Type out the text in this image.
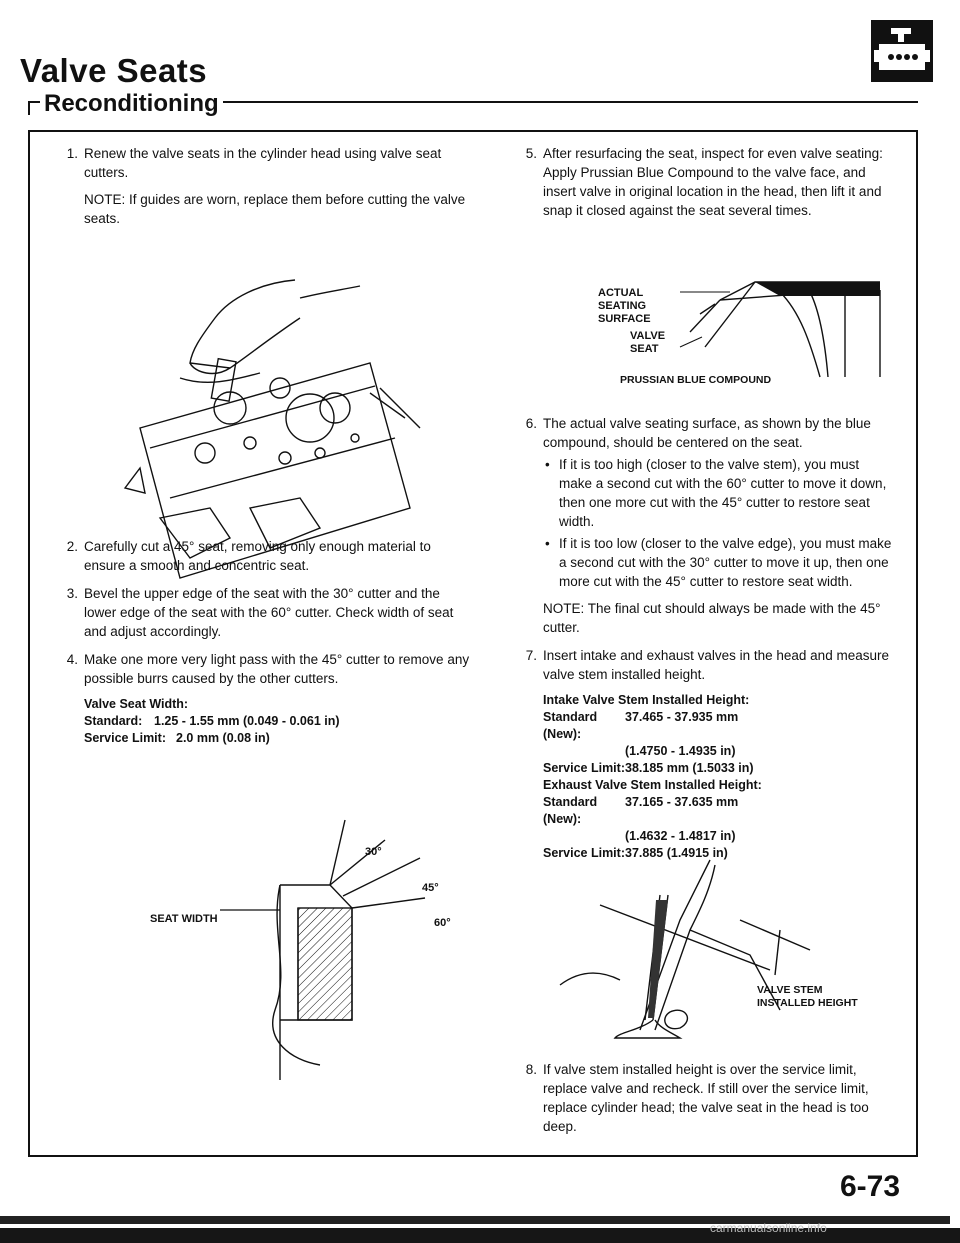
Valve Seats
Reconditioning
1. Renew the valve seats in the cylinder head using valve seat cutters.
NOTE: If guides are worn, replace them before cutting the valve seats.
2. Carefully cut a 45° seat, removing only enough material to ensure a smooth and concentric seat.
3. Bevel the upper edge of the seat with the 30° cutter and the lower edge of the seat with the 60° cutter. Check width of seat and adjust accordingly.
4. Make one more very light pass with the 45° cutter to remove any possible burrs caused by the other cutters.
Valve Seat Width:
Standard: 1.25 - 1.55 mm (0.049 - 0.061 in)
Service Limit: 2.0 mm (0.08 in)
30°
45°
60°
SEAT WIDTH
5. After resurfacing the seat, inspect for even valve seating: Apply Prussian Blue Compound to the valve face, and insert valve in original location in the head, then lift it and snap it closed against the seat several times.
6. The actual valve seating surface, as shown by the blue compound, should be centered on the seat.
• If it is too high (closer to the valve stem), you must make a second cut with the 60° cutter to move it down, then one more cut with the 45° cutter to restore seat width.
• If it is too low (closer to the valve edge), you must make a second cut with the 30° cutter to move it up, then one more cut with the 45° cutter to restore seat width.
NOTE: The final cut should always be made with the 45° cutter.
7. Insert intake and exhaust valves in the head and measure valve stem installed height.
Intake Valve Stem Installed Height:
Standard (New):
37.465 - 37.935 mm
(1.4750 - 1.4935 in)
Service Limit: 38.185 mm (1.5033 in)
Exhaust Valve Stem Installed Height:
Standard (New):
37.165 - 37.635 mm
(1.4632 - 1.4817 in)
Service Limit: 37.885 (1.4915 in)
ACTUAL SEATING SURFACE
VALVE SEAT
PRUSSIAN BLUE COMPOUND
VALVE STEM INSTALLED HEIGHT
8. If valve stem installed height is over the service limit, replace valve and recheck. If still over the service limit, replace cylinder head; the valve seat in the head is too deep.
6-73
carmanualsonline.info
